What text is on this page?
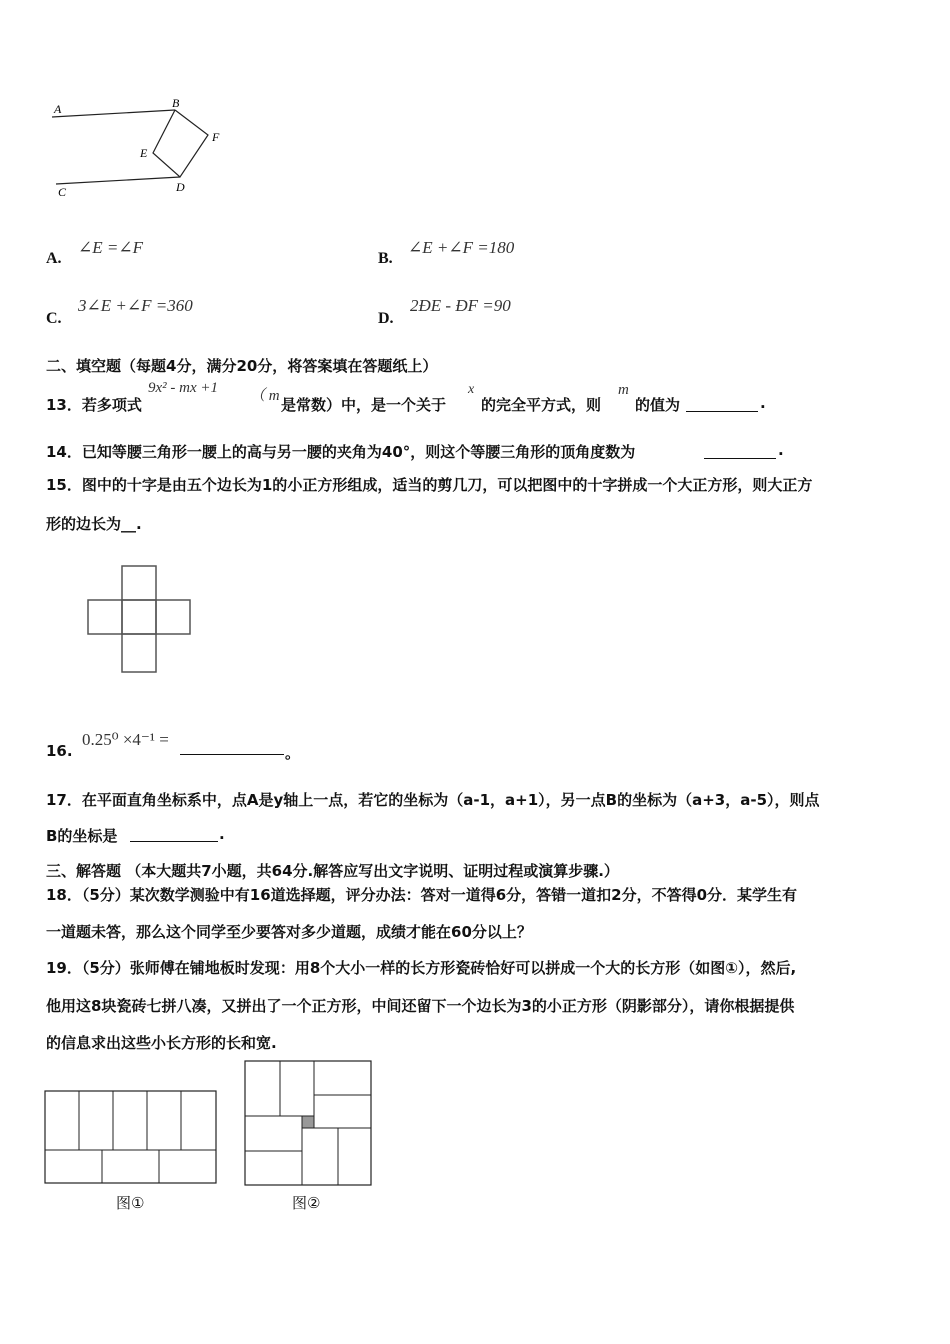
A	B
F
E
C	D
A.
∠E =∠F
B.
∠E +∠F =180
C.
3∠E +∠F =360
D.
2ÐE - ÐF =90
二、填空题（每题4分，满分20分，将答案填在答题纸上）
13．若多项式
9x² - mx +1 （ m 是常数）中，是一个关于
x
的完全平方式，则
m
的值为	.
14．已知等腰三角形一腰上的高与另一腰的夹角为40°，则这个等腰三角形的顶角度数为	.
15．图中的十字是由五个边长为1的小正方形组成，适当的剪几刀，可以把图中的十字拼成一个大正方形，则大正方
形的边长为__.
16.
0.25⁰ ×4⁻¹ =
。
17．在平面直角坐标系中，点A是y轴上一点，若它的坐标为（a-1，a+1），另一点B的坐标为（a+3，a-5），则点
B的坐标是	.
三、解答题 （本大题共7小题，共64分.解答应写出文字说明、证明过程或演算步骤.）
18．（5分）某次数学测验中有16道选择题，评分办法：答对一道得6分，答错一道扣2分，不答得0分．某学生有
一道题未答，那么这个同学至少要答对多少道题，成绩才能在60分以上？
19．（5分）张师傅在铺地板时发现：用8个大小一样的长方形瓷砖恰好可以拼成一个大的长方形（如图①），然后,
他用这8块瓷砖七拼八凑，又拼出了一个正方形，中间还留下一个边长为3的小正方形（阴影部分），请你根据提供
的信息求出这些小长方形的长和宽.
图①	图②
